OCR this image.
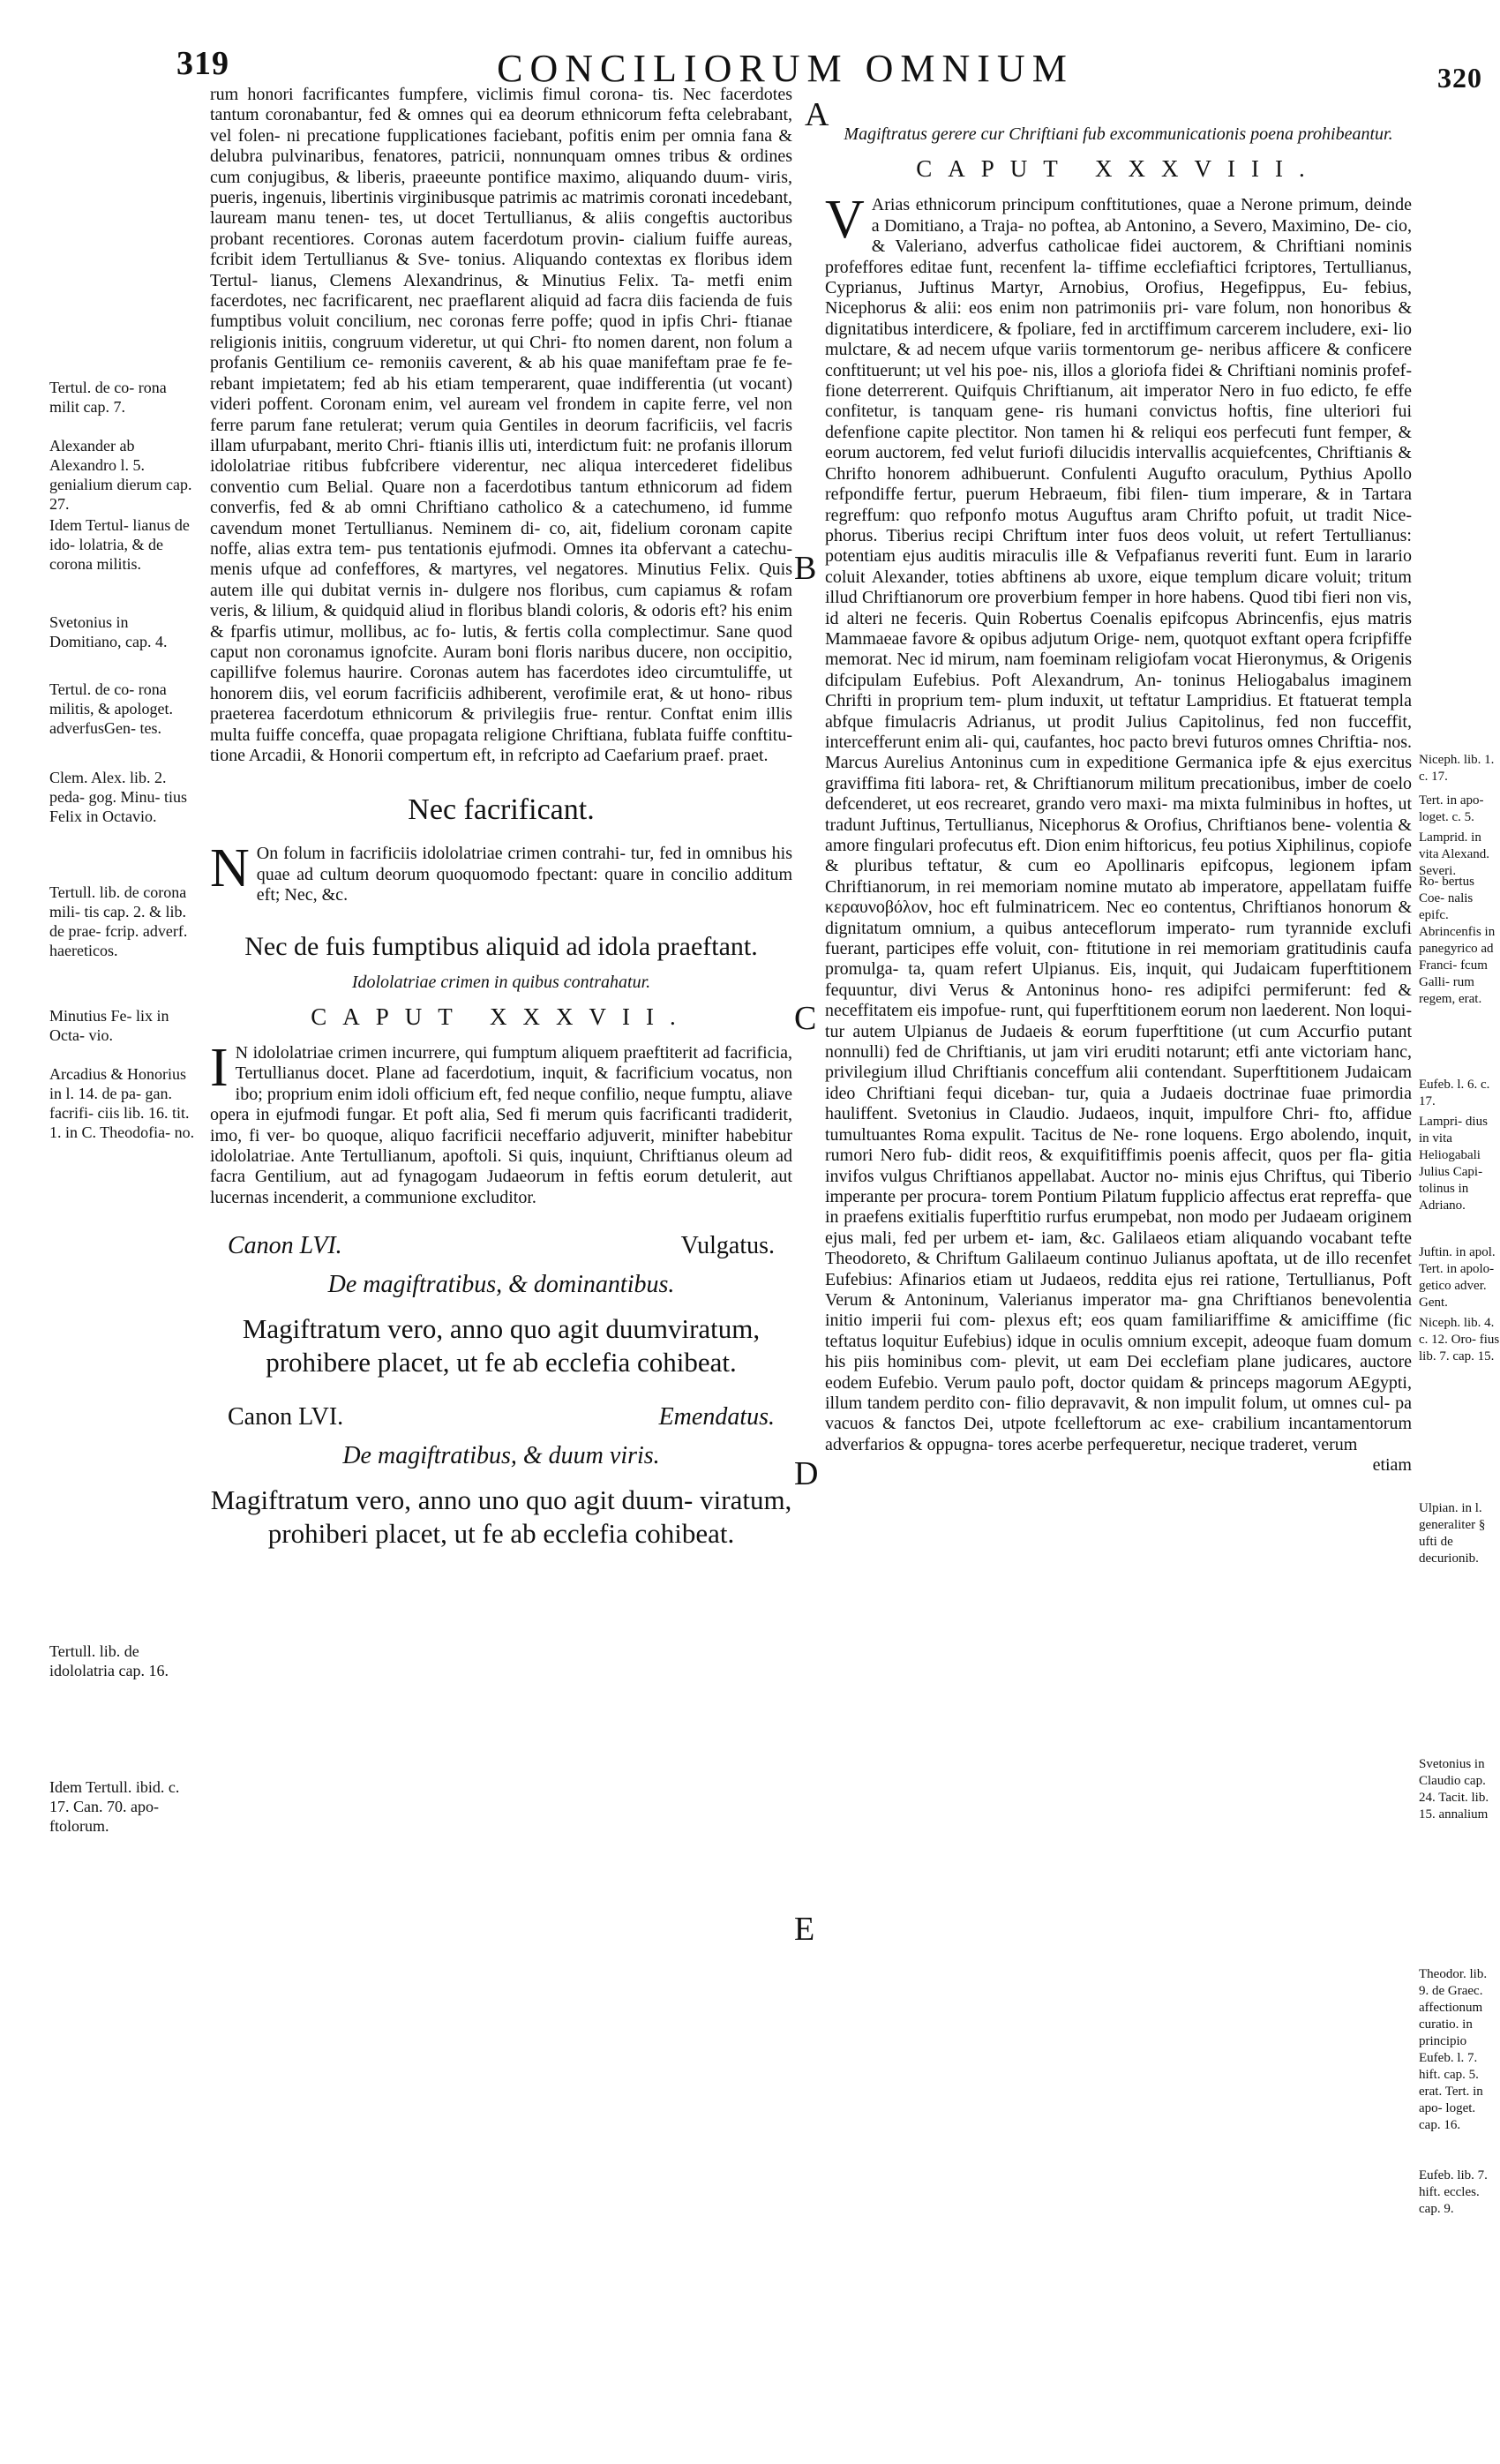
319	CONCILIORUM OMNIUM	320

rum honori facrificantes fumpfere, viclimis fimul corona- tis. Nec facerdotes tantum coronabantur, fed & omnes qui ea deorum ethnicorum fefta celebrabant, vel folen- ni precatione fupplicationes faciebant, pofitis enim per omnia fana & delubra pulvinaribus, fenatores, patricii, nonnunquam omnes tribus & ordines cum conjugibus, & liberis, praeeunte pontifice maximo, aliquando duum- viris, pueris, ingenuis, libertinis virginibusque patrimis ac matrimis coronati incedebant, lauream manu tenen- tes, ut docet Tertullianus, & aliis congeftis auctoribus probant recentiores. Coronas autem facerdotum provin- cialium fuiffe aureas, fcribit idem Tertullianus & Sve- tonius. Aliquando contextas ex floribus idem Tertul- lianus, Clemens Alexandrinus, & Minutius Felix. Ta- metfi enim facerdotes, nec facrificarent, nec praeflarent aliquid ad facra diis facienda de fuis fumptibus voluit concilium, nec coronas ferre poffe; quod in ipfis Chri- ftianae religionis initiis, congruum videretur, ut qui Chri- fto nomen darent, non folum a profanis Gentilium ce- remoniis caverent, & ab his quae manifeftam prae fe fe- rebant impietatem; fed ab his etiam temperarent, quae indifferentia (ut vocant) videri poffent. Coronam enim, vel auream vel frondem in capite ferre, vel non ferre parum fane retulerat; verum quia Gentiles in deorum facrificiis, vel facris illam ufurpabant, merito Chri- ftianis illis uti, interdictum fuit: ne profanis illorum idololatriae ritibus fubfcribere viderentur, nec aliqua intercederet fidelibus conventio cum Belial. Quare non a facerdotibus tantum ethnicorum ad fidem converfis, fed & ab omni Chriftiano catholico & a catechumeno, id fumme cavendum monet Tertullianus. Neminem di- co, ait, fidelium coronam capite noffe, alias extra tem- pus tentationis ejufmodi. Omnes ita obfervant a catechu- menis ufque ad confeffores, & martyres, vel negatores. Minutius Felix. Quis autem ille qui dubitat vernis in- dulgere nos floribus, cum capiamus & rofam veris, & lilium, & quidquid aliud in floribus blandi coloris, & odoris eft? his enim & fparfis utimur, mollibus, ac fo- lutis, & fertis colla complectimur. Sane quod caput non coronamus ignofcite. Auram boni floris naribus ducere, non occipitio, capillifve folemus haurire. Coronas autem has facerdotes ideo circumtuliffe, ut honorem diis, vel eorum facrificiis adhiberent, verofimile erat, & ut hono- ribus praeterea facerdotum ethnicorum & privilegiis frue- rentur. Conftat enim illis multa fuiffe conceffa, quae propagata religione Chriftiana, fublata fuiffe conftitu- tione Arcadii, & Honorii compertum eft, in refcripto ad Caefarium praef. praet.

Nec facrificant.

N On folum in facrificiis idololatriae crimen contrahi- tur, fed in omnibus his quae ad cultum deorum quoquomodo fpectant: quare in concilio additum eft; Nec, &c.

Nec de fuis fumptibus aliquid ad idola praeftant.
Idololatriae crimen in quibus contrahatur.
CAPUT XXXVII.

I N idololatriae crimen incurrere, qui fumptum aliquem praeftiterit ad facrificia, Tertullianus docet. Plane ad facerdotium, inquit, & facrificium vocatus, non ibo; proprium enim idoli officium eft, fed neque confilio, neque fumptu, aliave opera in ejufmodi fungar. Et poft alia, Sed fi merum quis facrificanti tradiderit, imo, fi ver- bo quoque, aliquo facrificii neceffario adjuverit, minifter habebitur idololatriae. Ante Tertullianum, apoftoli. Si quis, inquiunt, Chriftianus oleum ad facra Gentilium, aut ad fynagogam Judaeorum in feftis eorum detulerit, aut lucernas incenderit, a communione excluditor.

Canon LVI.	Vulgatus.
De magiftratibus, & dominantibus.
Magiftratum vero, anno quo agit duumviratum, prohibere placet, ut fe ab ecclefia cohibeat.
Canon LVI.	Emendatus.
De magiftratibus, & duum viris.
Magiftratum vero, anno uno quo agit duum- viratum, prohiberi placet, ut fe ab ecclefia cohibeat.
Magiftratus gerere cur Chriftiani fub excommunicationis poena prohibeantur.
CAPUT XXXVIII.

V Arias ethnicorum principum conftitutiones, quae a Nerone primum, deinde a Domitiano, a Traja- no poftea, ab Antonino, a Severo, Maximino, De- cio, & Valeriano, adverfus catholicae fidei auctorem, & Chriftiani nominis profeffores editae funt, recenfent la- tiffime ecclefiaftici fcriptores, Tertullianus, Cyprianus, Juftinus Martyr, Arnobius, Orofius, Hegefippus, Eu- febius, Nicephorus & alii: eos enim non patrimoniis pri- vare folum, non honoribus & dignitatibus interdicere, & fpoliare, fed in arctiffimum carcerem includere, exi- lio mulctare, & ad necem ufque variis tormentorum ge- neribus afficere & conficere conftituerunt; ut vel his poe- nis, illos a gloriofa fidei & Chriftiani nominis profef- fione deterrerent. Quifquis Chriftianum, ait imperator Nero in fuo edicto, fe effe confitetur, is tanquam gene- ris humani convictus hoftis, fine ulteriori fui defenfione capite plectitor. Non tamen hi & reliqui eos perfecuti funt femper, & eorum auctorem, fed velut furiofi dilucidis intervallis acquiefcentes, Chriftianis & Chrifto honorem adhibuerunt. Confulenti Augufto oraculum, Pythius Apollo refpondiffe fertur, puerum Hebraeum, fibi filen- tium imperare, & in Tartara regreffum: quo refponfo motus Auguftus aram Chrifto pofuit, ut tradit Nice- phorus. Tiberius recipi Chriftum inter fuos deos voluit, ut refert Tertullianus: potentiam ejus auditis miraculis ille & Vefpafianus reveriti funt. Eum in larario coluit Alexander, toties abftinens ab uxore, eique templum dicare voluit; tritum illud Chriftianorum ore proverbium femper in hore habens. Quod tibi fieri non vis, id alteri ne feceris. Quin Robertus Coenalis epifcopus Abrincenfis, ejus matris Mammaeae favore & opibus adjutum Orige- nem, quotquot exftant opera fcripfiffe memorat. Nec id mirum, nam foeminam religiofam vocat Hieronymus, & Origenis difcipulam Eufebius. Poft Alexandrum, An- toninus Heliogabalus imaginem Chrifti in proprium tem- plum induxit, ut teftatur Lampridius. Et ftatuerat templa abfque fimulacris Adrianus, ut prodit Julius Capitolinus, fed non fucceffit, intercefferunt enim ali- qui, caufantes, hoc pacto brevi futuros omnes Chriftia- nos. Marcus Aurelius Antoninus cum in expeditione Germanica ipfe & ejus exercitus graviffima fiti labora- ret, & Chriftianorum militum precationibus, imber de coelo defcenderet, ut eos recrearet, grando vero maxi- ma mixta fulminibus in hoftes, ut tradunt Juftinus, Tertullianus, Nicephorus & Orofius, Chriftianos bene- volentia & amore fingulari profecutus eft. Dion enim hiftoricus, feu potius Xiphilinus, copiofe & pluribus teftatur, & cum eo Apollinaris epifcopus, legionem ipfam Chriftianorum, in rei memoriam nomine mutato ab imperatore, appellatam fuiffe κεραυνοβόλον, hoc eft fulminatricem. Nec eo contentus, Chriftianos honorum & dignitatum omnium, a quibus anteceflorum imperato- rum tyrannide exclufi fuerant, participes effe voluit, con- ftitutione in rei memoriam gratitudinis caufa promulga- ta, quam refert Ulpianus. Eis, inquit, qui Judaicam fuperftitionem fequuntur, divi Verus & Antoninus hono- res adipifci permiferunt: fed & neceffitatem eis impofue- runt, qui fuperftitionem eorum non laederent. Non loqui- tur autem Ulpianus de Judaeis & eorum fuperftitione (ut cum Accurfio putant nonnulli) fed de Chriftianis, ut jam viri eruditi notarunt; etfi ante victoriam hanc, privilegium illud Chriftianis conceffum alii contendant. Superftitionem Judaicam ideo Chriftiani fequi diceban- tur, quia a Judaeis doctrinae fuae primordia hauliffent. Svetonius in Claudio. Judaeos, inquit, impulfore Chri- fto, affidue tumultuantes Roma expulit. Tacitus de Ne- rone loquens. Ergo abolendo, inquit, rumori Nero fub- didit reos, & exquifitiffimis poenis affecit, quos per fla- gitia invifos vulgus Chriftianos appellabat. Auctor no- minis ejus Chriftus, qui Tiberio imperante per procura- torem Pontium Pilatum fupplicio affectus erat repreffa- que in praefens exitialis fuperftitio rurfus erumpebat, non modo per Judaeam originem ejus mali, fed per urbem et- iam, &c. Galilaeos etiam aliquando vocabant tefte Theodoreto, & Chriftum Galilaeum continuo Julianus apoftata, ut de illo recenfet Eufebius: Afinarios etiam ut Judaeos, reddita ejus rei ratione, Tertullianus, Poft Verum & Antoninum, Valerianus imperator ma- gna Chriftianos benevolentia initio imperii fui com- plexus eft; eos quam familiariffime & amiciffime (fic teftatus loquitur Eufebius) idque in oculis omnium excepit, adeoque fuam domum his piis hominibus com- plevit, ut eam Dei ecclefiam plane judicares, auctore eodem Eufebio. Verum paulo poft, doctor quidam & princeps magorum AEgypti, illum tandem perdito con- filio depravavit, & non impulit folum, ut omnes cul- pa vacuos & fanctos Dei, utpote fcelleftorum ac exe- crabilium incantamentorum adverfarios & oppugna- tores acerbe perfequeretur, necique traderet, verum

etiam
A
B
C
D
E
Tertul. de co- rona milit cap. 7.
Alexander ab Alexandro l. 5. genialium dierum cap. 27.
Idem Tertul- lianus de ido- lolatria, & de corona militis.
Svetonius in Domitiano, cap. 4.
Tertul. de co- rona militis, & apologet. adverfusGen- tes.
Clem. Alex. lib. 2. peda- gog. Minu- tius Felix in Octavio.
Tertull. lib. de corona mili- tis cap. 2. & lib. de prae- fcrip. adverf. haereticos.
Minutius Fe- lix in Octa- vio.
Arcadius & Honorius in l. 14. de pa- gan. facrifi- ciis lib. 16. tit. 1. in C. Theodofia- no.
Tertull. lib. de idololatria cap. 16.
Idem Tertull. ibid. c. 17. Can. 70. apo- ftolorum.
Niceph. lib. 1. c. 17.
Tert. in apo- loget. c. 5.
Lamprid. in vita Alexand. Severi.
Ro- bertus Coe- nalis epifc. Abrincenfis in panegyrico ad Franci- fcum Galli- rum regem, erat.
Eufeb. l. 6. c. 17.
Lampri- dius in vita Heliogabali Julius Capi- tolinus in Adriano.
Juftin. in apol. Tert. in apolo- getico adver. Gent.
Niceph. lib. 4. c. 12. Oro- fius lib. 7. cap. 15.
Ulpian. in l. generaliter § ufti de decurionib.
Svetonius in Claudio cap. 24. Tacit. lib. 15. annalium
Theodor. lib. 9. de Graec. affectionum curatio. in principio Eufeb. l. 7. hift. cap. 5. erat. Tert. in apo- loget. cap. 16.
Eufeb. lib. 7. hift. eccles. cap. 9.
